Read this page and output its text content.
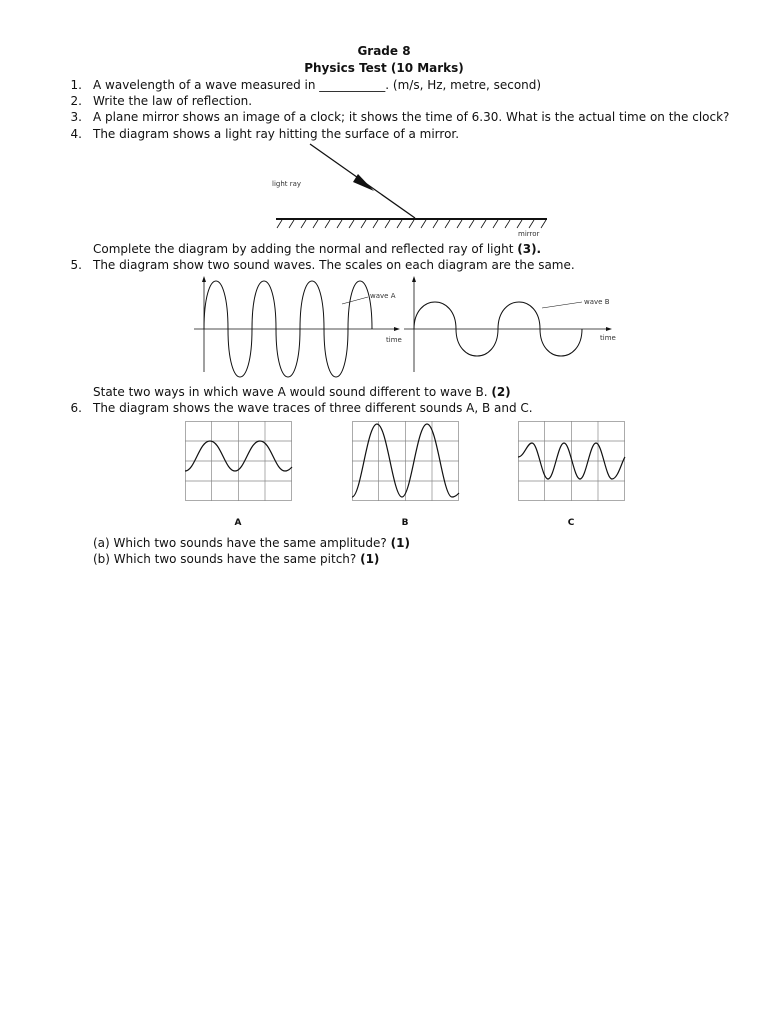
Grade 8
Physics Test (10 Marks)
1. A wavelength of a wave measured in ___________. (m/s, Hz, metre, second)
2. Write the law of reflection.
3. A plane mirror shows an image of a clock; it shows the time of 6.30. What is the actual time on the clock?
4. The diagram shows a light ray hitting the surface of a mirror.
light ray
mirror
Complete the diagram by adding the normal and reflected ray of light (3).
5. The diagram show two sound waves. The scales on each diagram are the same.
wave A
time
wave B
time
State two ways in which wave A would sound different to wave B. (2)
6. The diagram shows the wave traces of three different sounds A, B and C.
A	B	C
(a) Which two sounds have the same amplitude? (1)
(b) Which two sounds have the same pitch? (1)
